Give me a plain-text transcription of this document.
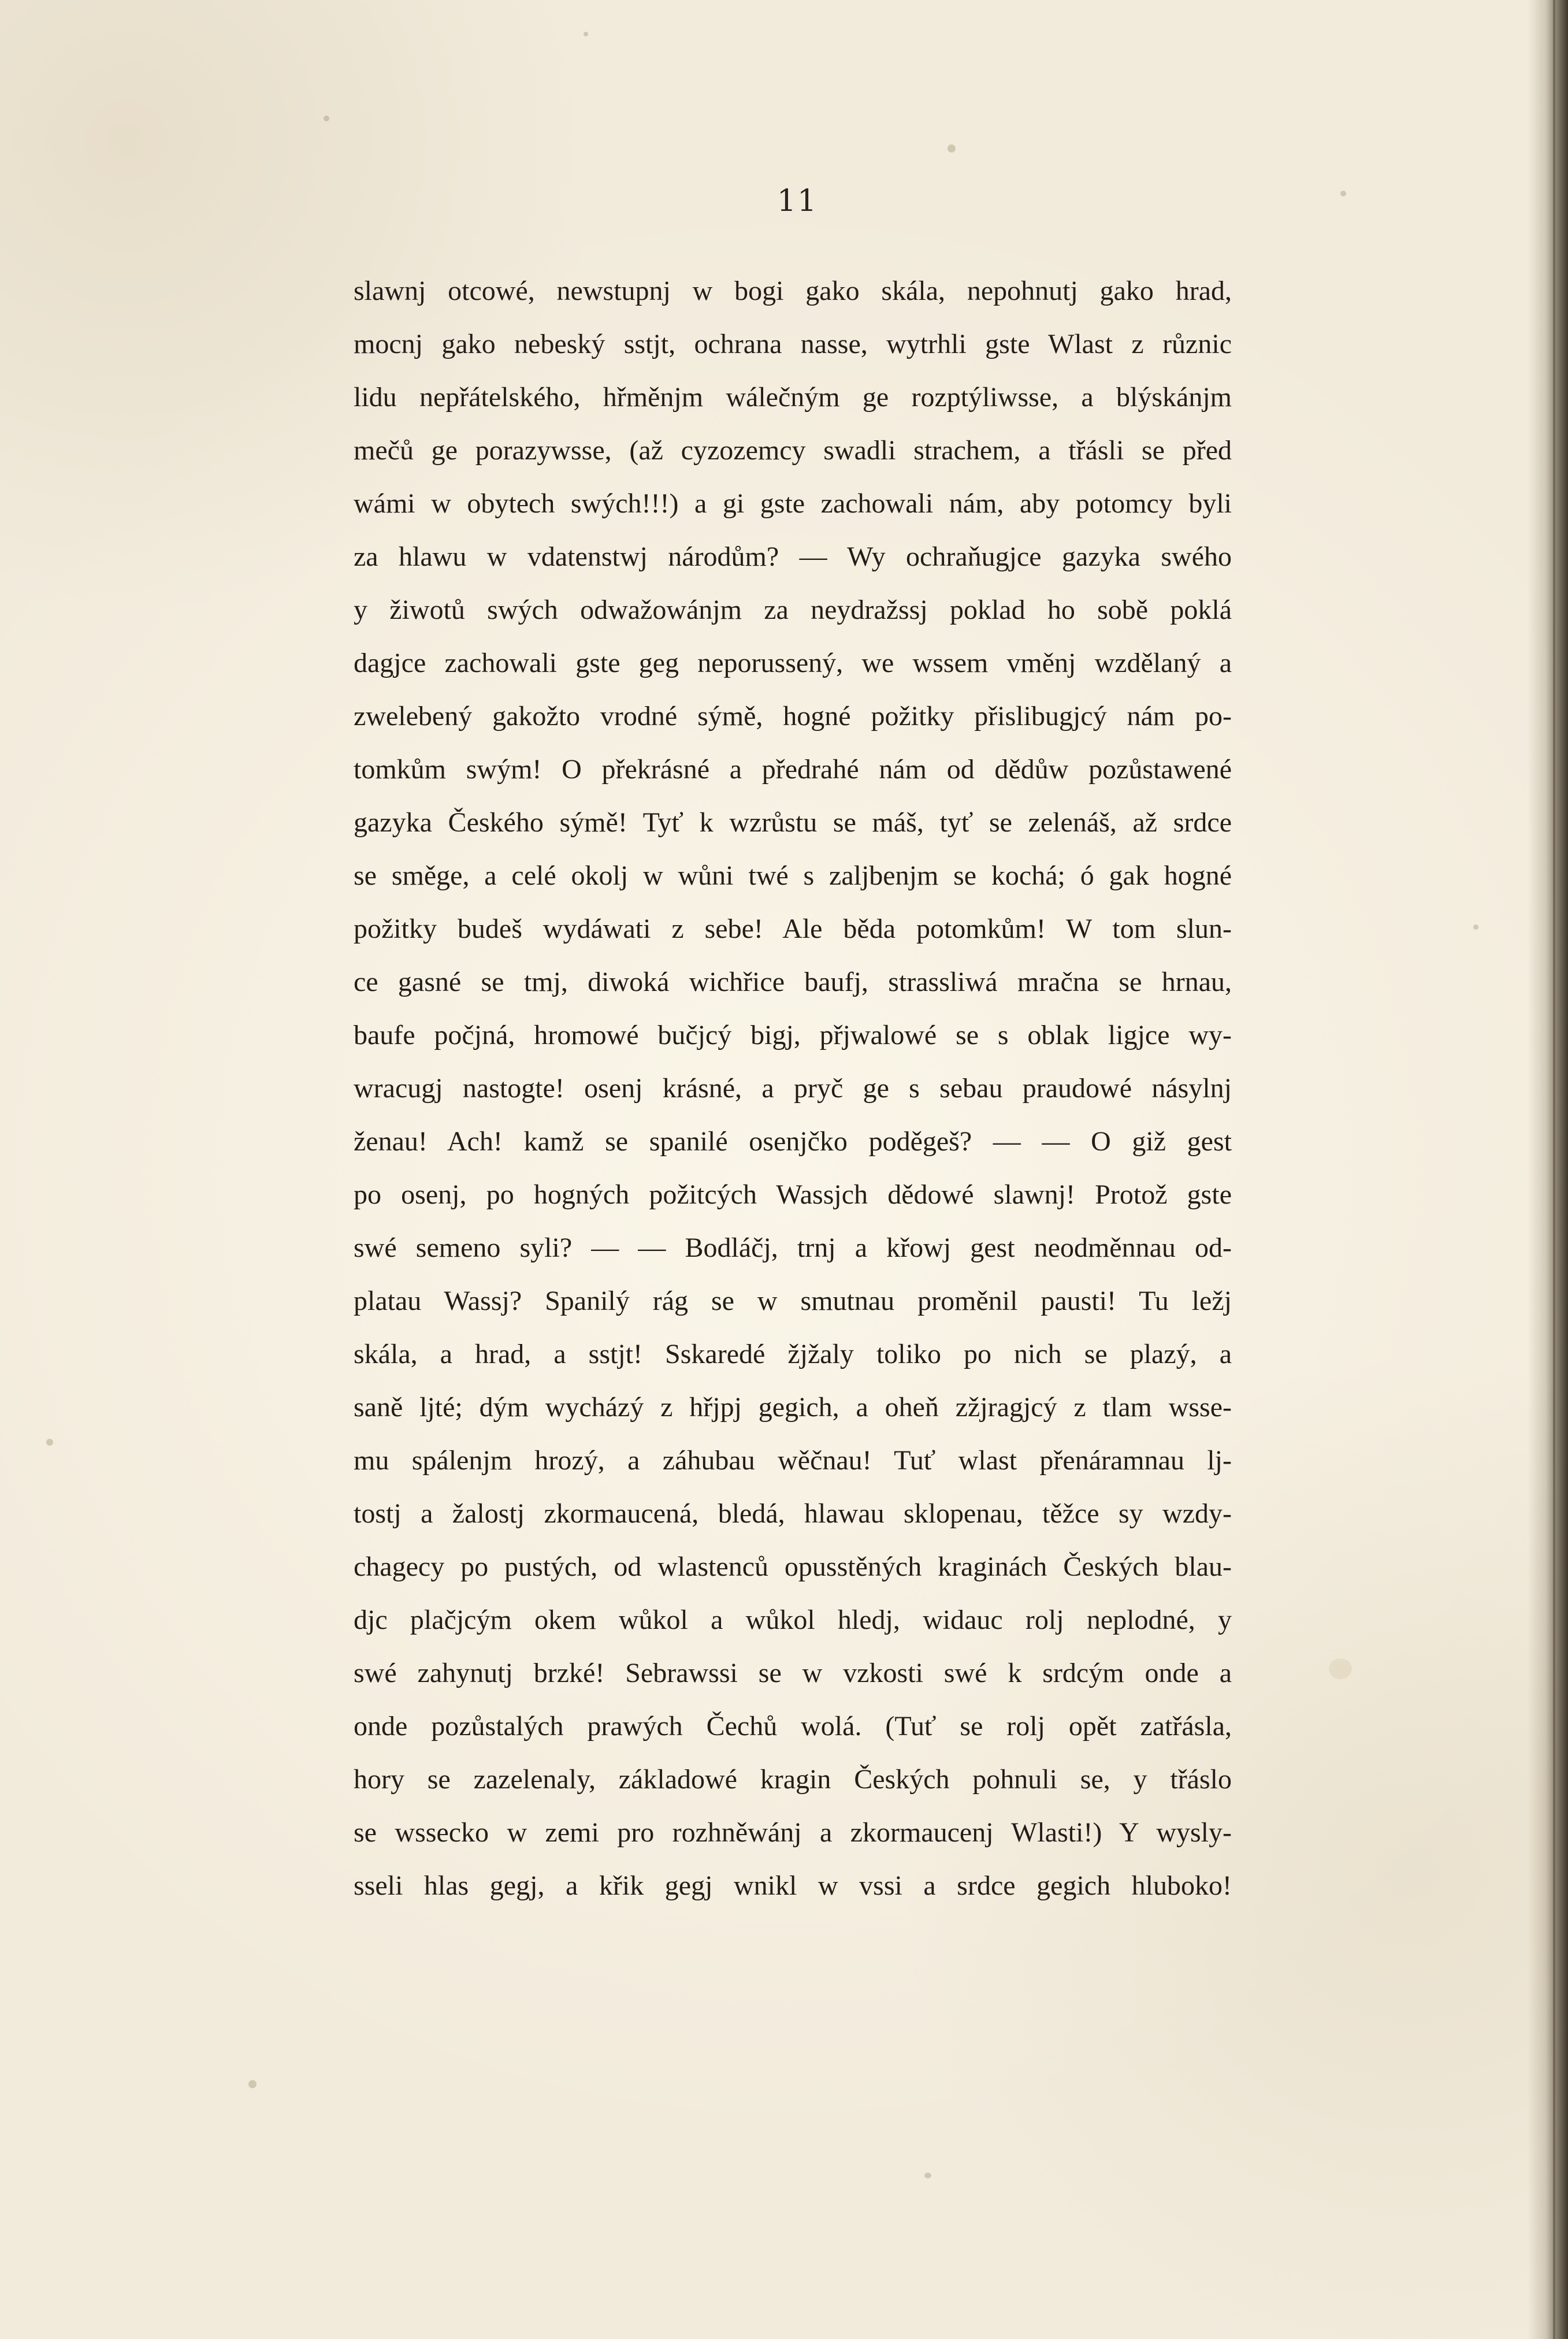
11
slawnj otcowé, newstupnj w bogi gako skála, nepohnutj gako hrad,
mocnj gako nebeský sstjt, ochrana nasse, wytrhli gste Wlast z různic
lidu nepřátelského, hřměnjm wálečným ge rozptýliwsse, a blýskánjm
mečů ge porazywsse, (až cyzozemcy swadli strachem, a třásli se před
wámi w obytech swých!!!) a gi gste zachowali nám, aby potomcy byli
za hlawu w vdatenstwj národům? — Wy ochraňugjce gazyka swého
y žiwotů swých odwažowánjm za neydražssj poklad ho sobě poklá
dagjce zachowali gste geg neporussený, we wssem vměnj wzdělaný a
zwelebený gakožto vrodné sýmě, hogné požitky přislibugjcý nám po-
tomkům swým! O překrásné a předrahé nám od dědůw pozůstawené
gazyka Českého sýmě! Tyť k wzrůstu se máš, tyť se zelenáš, až srdce
se směge, a celé okolj w wůni twé s zaljbenjm se kochá; ó gak hogné
požitky budeš wydáwati z sebe! Ale běda potomkům! W tom slun-
ce gasné se tmj, diwoká wichřice baufj, strassliwá mračna se hrnau,
baufe počjná, hromowé bučjcý bigj, přjwalowé se s oblak ligjce wy-
wracugj nastogte! osenj krásné, a pryč ge s sebau praudowé násylnj
ženau! Ach! kamž se spanilé osenjčko poděgeš? — — O giž gest
po osenj, po hogných požitcých Wassjch dědowé slawnj! Protož gste
swé semeno syli? — — Bodláčj, trnj a křowj gest neodměnnau od-
platau Wassj? Spanilý rág se w smutnau proměnil pausti! Tu ležj
skála, a hrad, a sstjt! Sskaredé žjžaly toliko po nich se plazý, a
saně ljté; dým wycházý z hřjpj gegich, a oheň zžjragjcý z tlam wsse-
mu spálenjm hrozý, a záhubau wěčnau! Tuť wlast přenáramnau lj-
tostj a žalostj zkormaucená, bledá, hlawau sklopenau, těžce sy wzdy-
chagecy po pustých, od wlastenců opusstěných kraginách Českých blau-
djc plačjcým okem wůkol a wůkol hledj, widauc rolj neplodné, y
swé zahynutj brzké! Sebrawssi se w vzkosti swé k srdcým onde a
onde pozůstalých prawých Čechů wolá. (Tuť se rolj opět zatřásla,
hory se zazelenaly, základowé kragin Českých pohnuli se, y třáslo
se wssecko w zemi pro rozhněwánj a zkormaucenj Wlasti!) Y wysly-
sseli hlas gegj, a křik gegj wnikl w vssi a srdce gegich hluboko!
